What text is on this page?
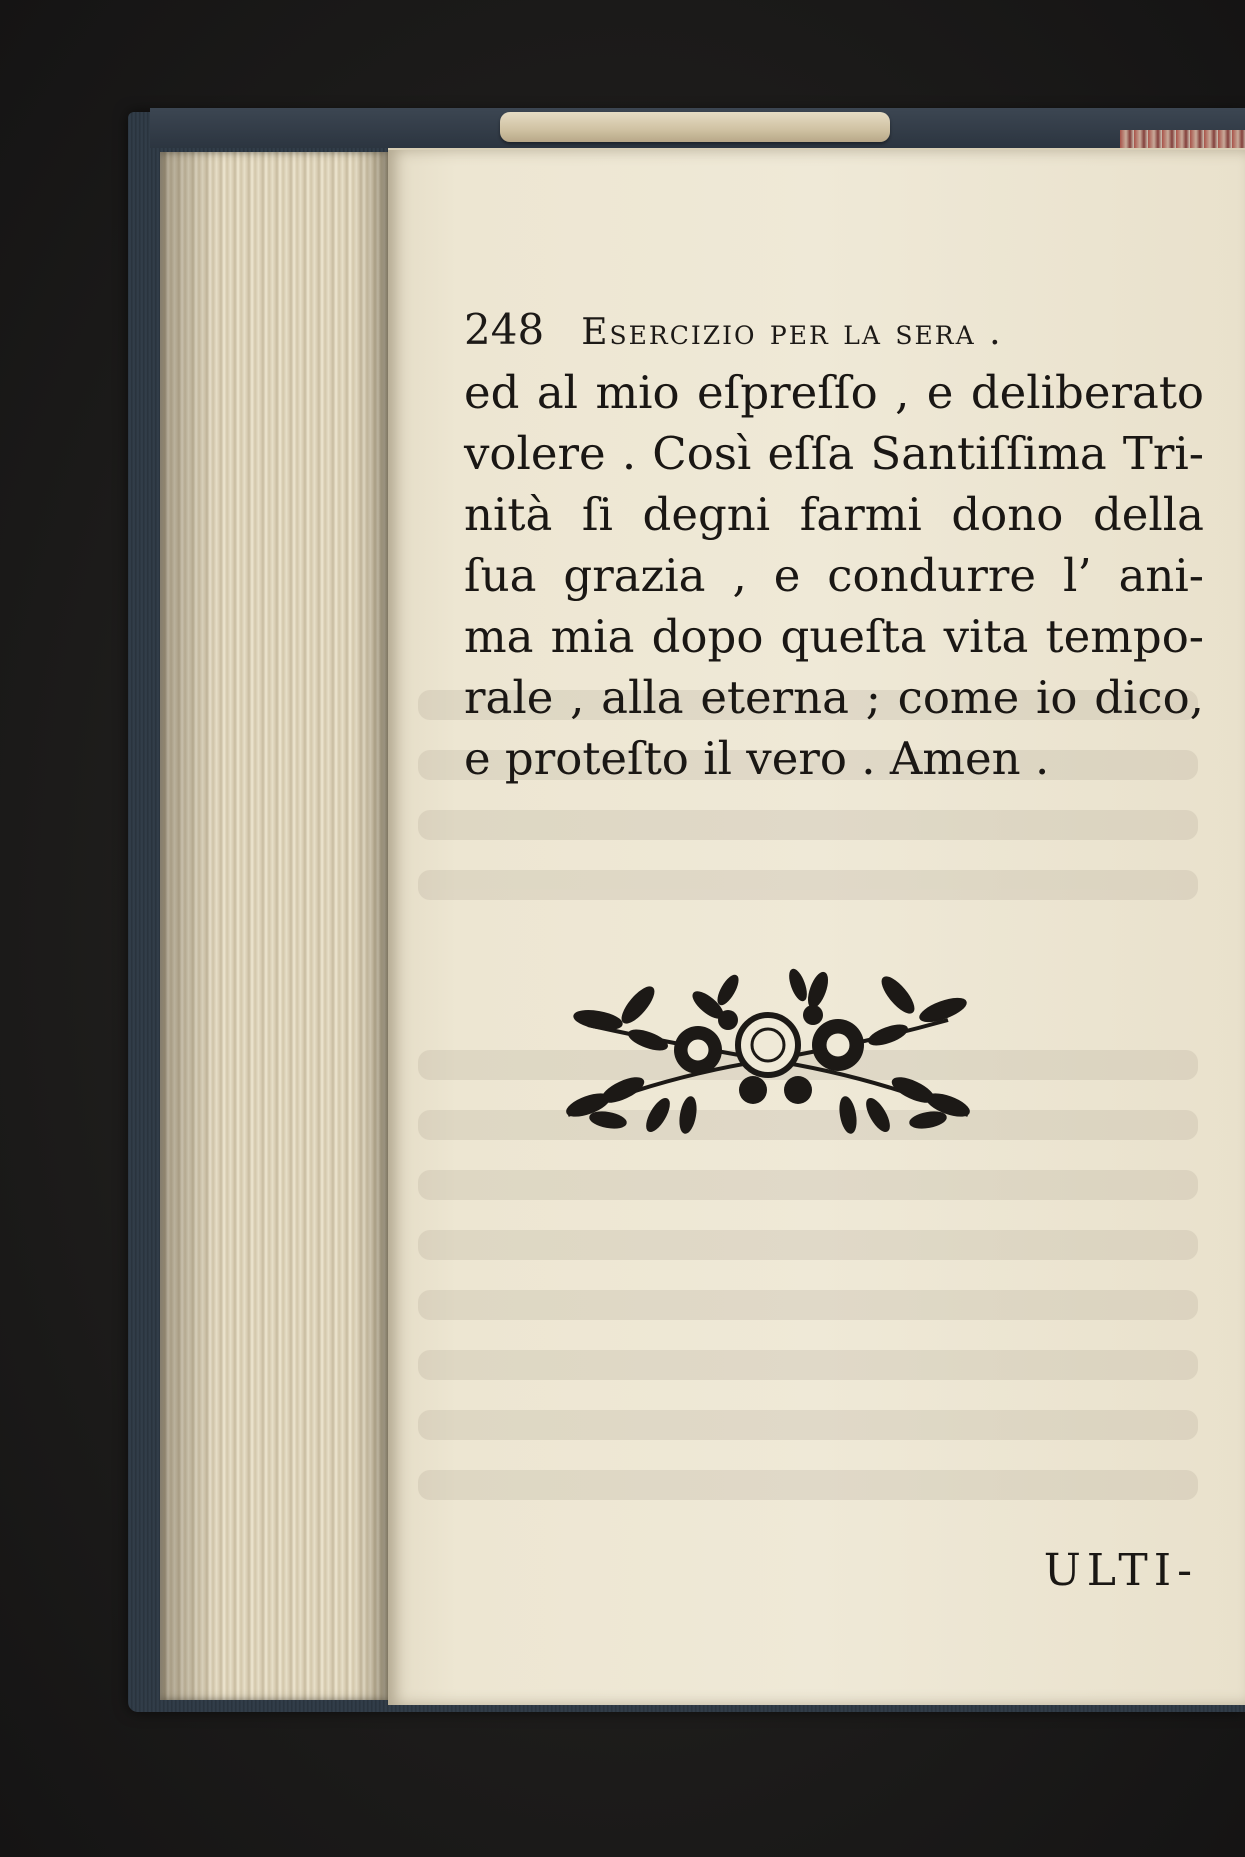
248 Esercizio per la sera .
ed al mio eſpreſſo , e deliberato
volere . Così eſſa Santiſſima Tri-
nità ſi degni farmi dono della
ſua grazia , e condurre l’ ani-
ma mia dopo queſta vita tempo-
rale , alla eterna ; come io dico,
e proteſto il vero . Amen .
ULTI-
